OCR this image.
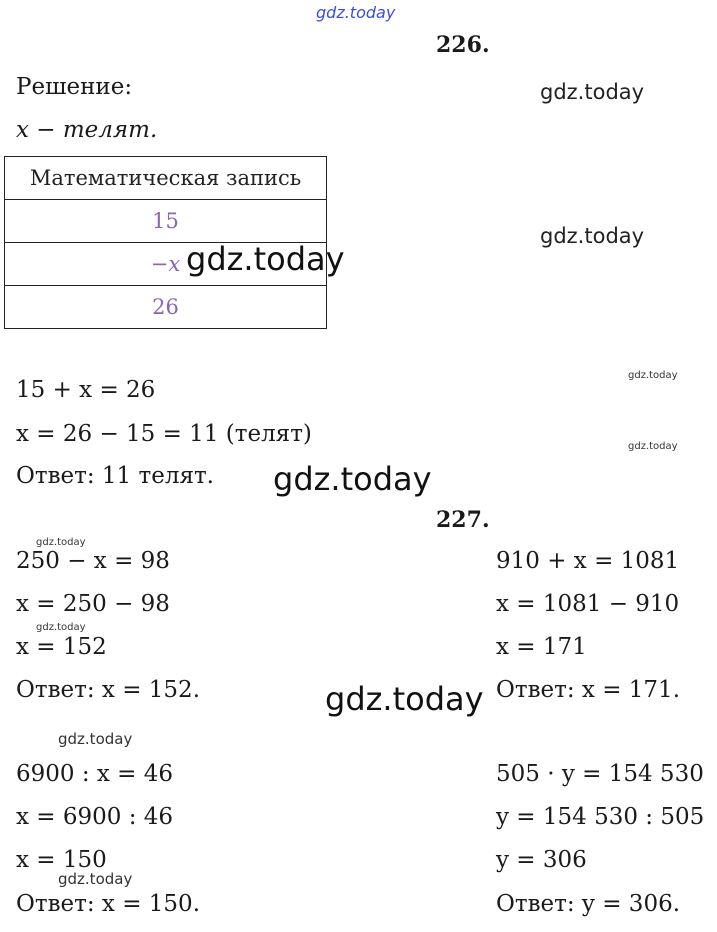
gdz.today
gdz.today
gdz.today
gdz.today
gdz.today
gdz.today
gdz.today
gdz.today
gdz.today
gdz.today
gdz.today
gdz.today
226.
Решение:
x − телят.
Математическая запись
15
−x
26
15 + x = 26
x = 26 − 15 = 11 (телят)
Ответ: 11 телят.
227.
250 − x = 98
x = 250 − 98
x = 152
Ответ: x = 152.
910 + x = 1081
x = 1081 − 910
x = 171
Ответ: x = 171.
6900 : x = 46
x = 6900 : 46
x = 150
Ответ: x = 150.
505 · y = 154 530
y = 154 530 : 505
y = 306
Ответ: y = 306.
